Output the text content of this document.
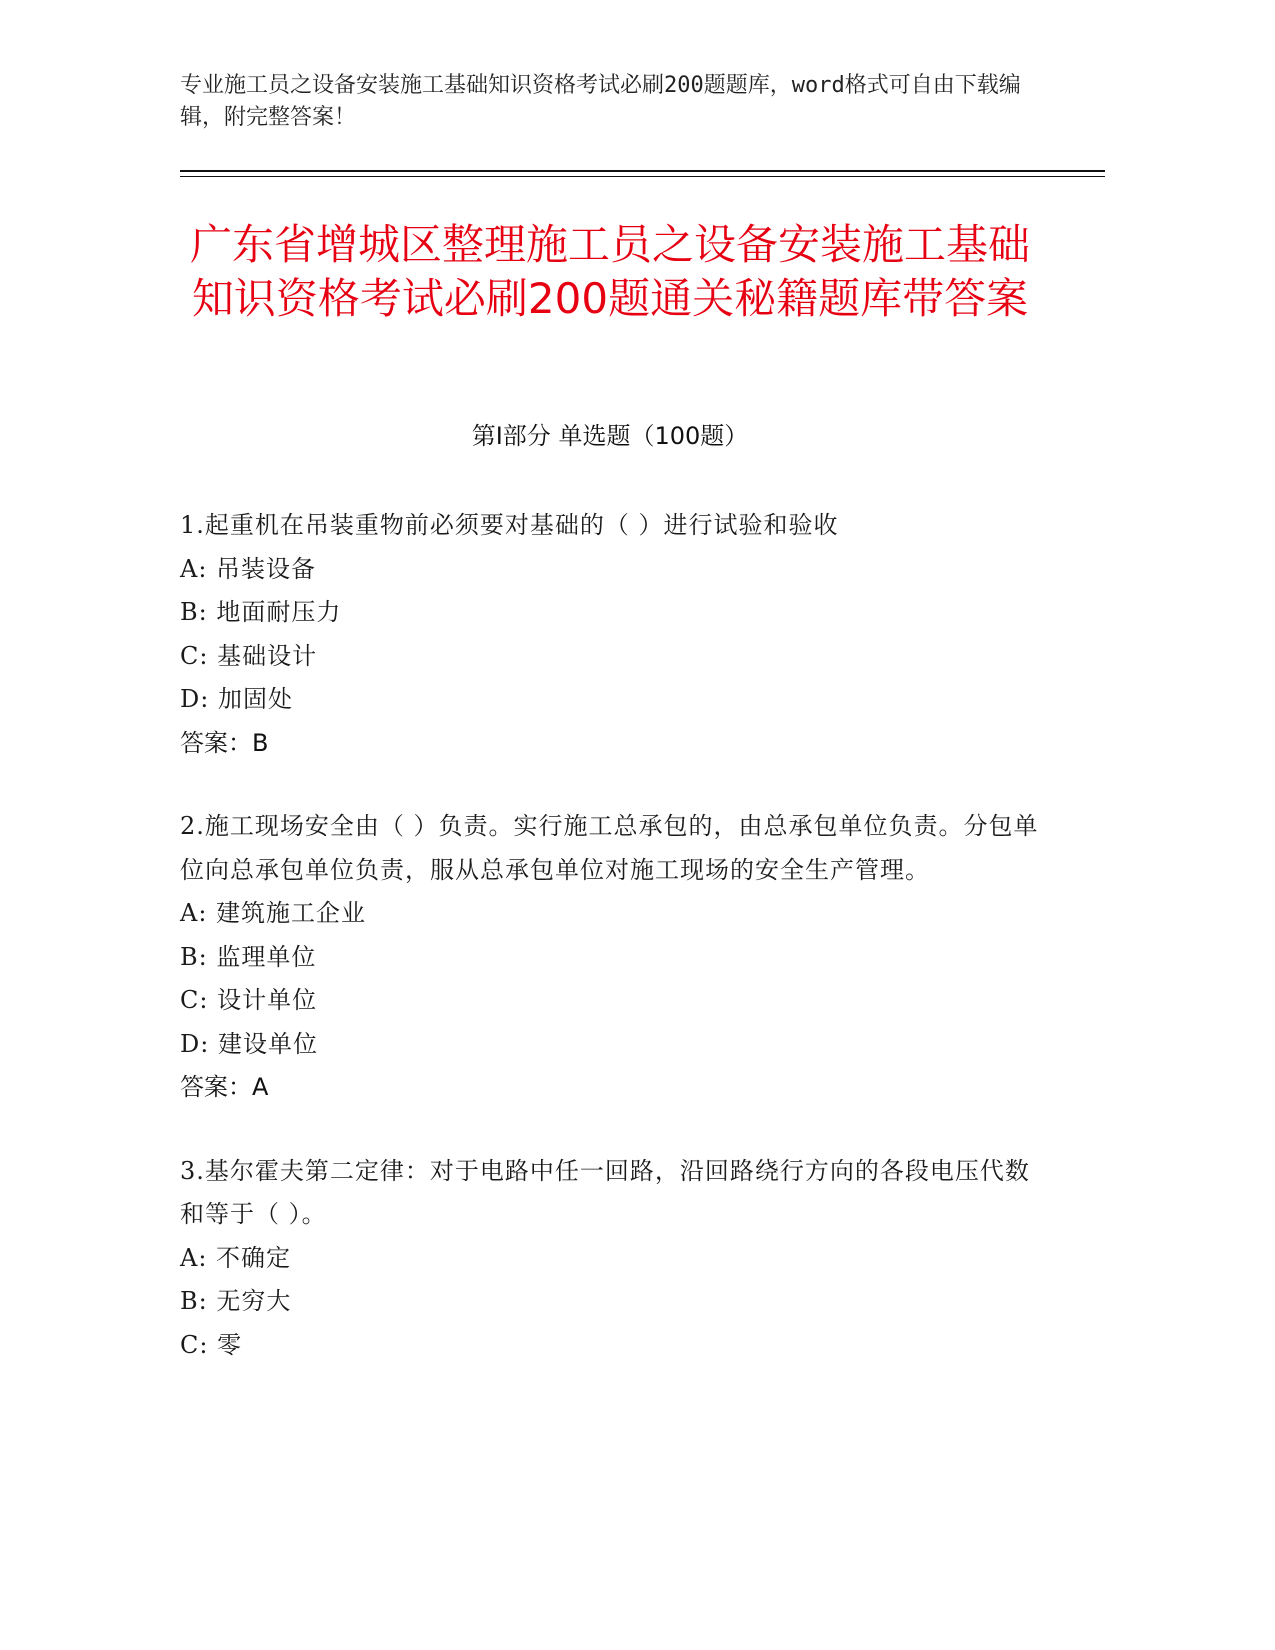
专业施工员之设备安装施工基础知识资格考试必刷200题题库，word格式可自由下载编辑，附完整答案！
广东省增城区整理施工员之设备安装施工基础知识资格考试必刷200题通关秘籍题库带答案
第Ⅰ部分 单选题（100题）
1.起重机在吊装重物前必须要对基础的（ ）进行试验和验收
A: 吊装设备
B: 地面耐压力
C: 基础设计
D: 加固处
答案：B
2.施工现场安全由（ ）负责。实行施工总承包的，由总承包单位负责。分包单位向总承包单位负责，服从总承包单位对施工现场的安全生产管理。
A: 建筑施工企业
B: 监理单位
C: 设计单位
D: 建设单位
答案：A
3.基尔霍夫第二定律：对于电路中任一回路，沿回路绕行方向的各段电压代数和等于（ ）。
A: 不确定
B: 无穷大
C: 零
